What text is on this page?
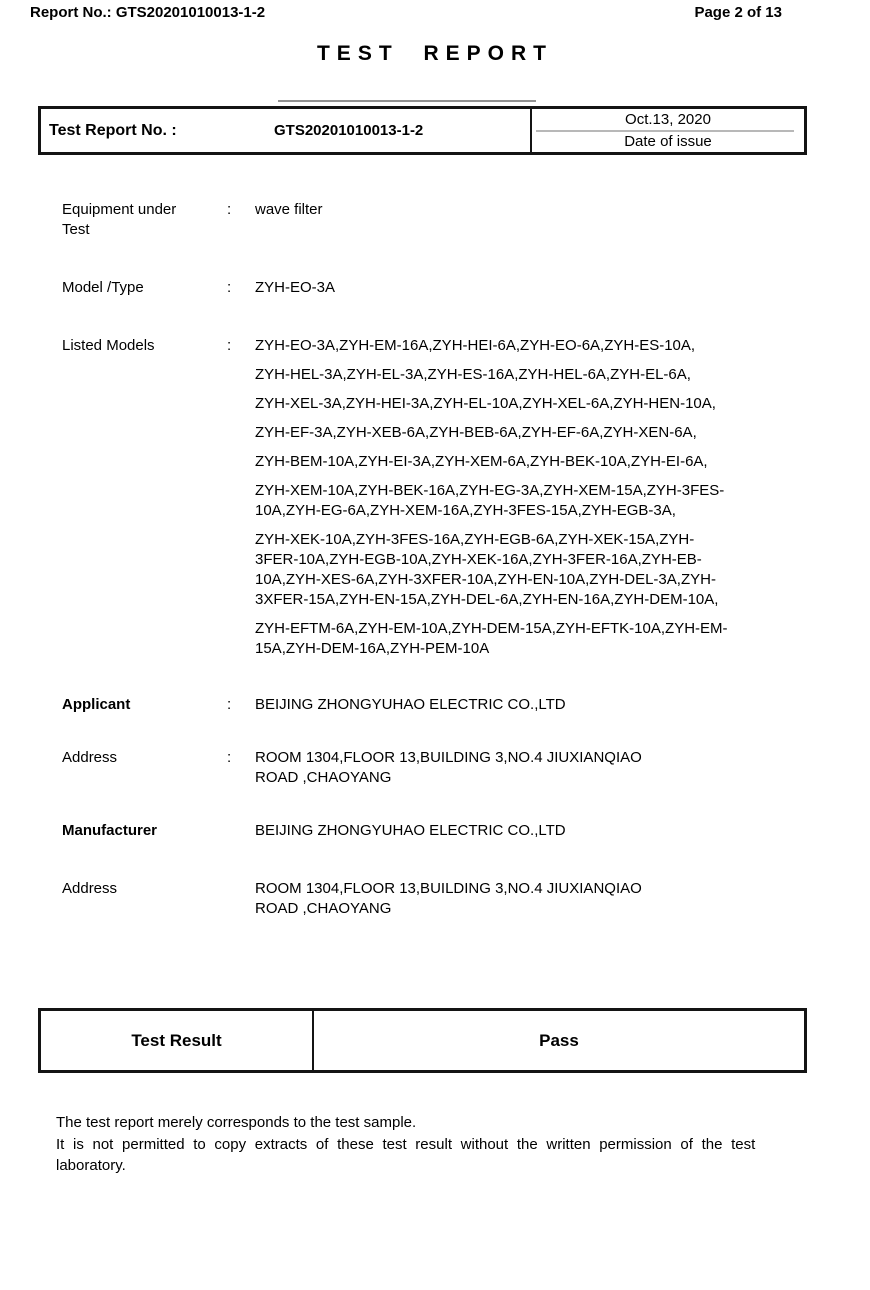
Report No.: GTS20201010013-1-2	Page 2 of 13
TEST REPORT
Test Report No. :	GTS20201010013-1-2
Oct.13, 2020
Date of issue
Equipment under
Test
:	wave filter
Model /Type	:	ZYH-EO-3A
Listed Models	:	ZYH-EO-3A,ZYH-EM-16A,ZYH-HEI-6A,ZYH-EO-6A,ZYH-ES-10A,
ZYH-HEL-3A,ZYH-EL-3A,ZYH-ES-16A,ZYH-HEL-6A,ZYH-EL-6A,
ZYH-XEL-3A,ZYH-HEI-3A,ZYH-EL-10A,ZYH-XEL-6A,ZYH-HEN-10A,
ZYH-EF-3A,ZYH-XEB-6A,ZYH-BEB-6A,ZYH-EF-6A,ZYH-XEN-6A,
ZYH-BEM-10A,ZYH-EI-3A,ZYH-XEM-6A,ZYH-BEK-10A,ZYH-EI-6A,
ZYH-XEM-10A,ZYH-BEK-16A,ZYH-EG-3A,ZYH-XEM-15A,ZYH-3FES-
10A,ZYH-EG-6A,ZYH-XEM-16A,ZYH-3FES-15A,ZYH-EGB-3A,
ZYH-XEK-10A,ZYH-3FES-16A,ZYH-EGB-6A,ZYH-XEK-15A,ZYH-
3FER-10A,ZYH-EGB-10A,ZYH-XEK-16A,ZYH-3FER-16A,ZYH-EB-
10A,ZYH-XES-6A,ZYH-3XFER-10A,ZYH-EN-10A,ZYH-DEL-3A,ZYH-
3XFER-15A,ZYH-EN-15A,ZYH-DEL-6A,ZYH-EN-16A,ZYH-DEM-10A,
ZYH-EFTM-6A,ZYH-EM-10A,ZYH-DEM-15A,ZYH-EFTK-10A,ZYH-EM-
15A,ZYH-DEM-16A,ZYH-PEM-10A
Applicant	:	BEIJING ZHONGYUHAO ELECTRIC CO.,LTD
Address	:	ROOM 1304,FLOOR 13,BUILDING 3,NO.4 JIUXIANQIAO
ROAD ,CHAOYANG
Manufacturer	BEIJING ZHONGYUHAO ELECTRIC CO.,LTD
Address	ROOM 1304,FLOOR 13,BUILDING 3,NO.4 JIUXIANQIAO
ROAD ,CHAOYANG
Test Result	Pass
The test report merely corresponds to the test sample.
It is not permitted to copy extracts of these test result without the written permission of the test
laboratory.
